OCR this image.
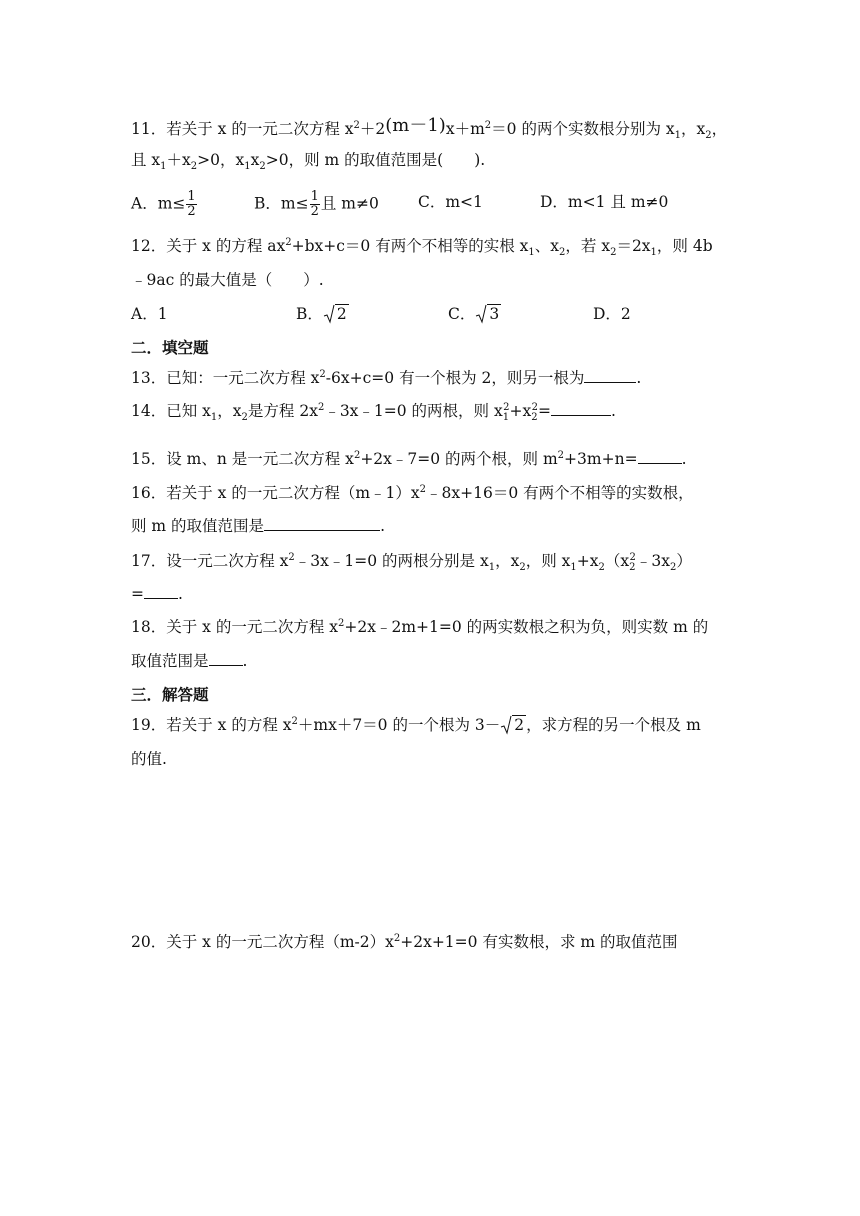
11．若关于 x 的一元二次方程 $x^2+2(m-1)x+m^2=0$ 的两个实数根分别为 $x_1$，$x_2$，
且 $x_1+x_2>0$，$x_1x_2>0$，则 m 的取值范围是(　　).
A．$m\le \frac{1}{2}$	B．$m\le \frac{1}{2}$ 且 m≠0	C．m<1	D．m<1 且 m≠0
12．关于 x 的方程 $ax^2+bx+c=0$ 有两个不相等的实根 $x_1$、$x_2$，若 $x_2=2x_1$，则 4b
﹣9ac 的最大值是（　　）.
A．1	B． 2	C． 3	D．2
二．填空题
13．已知：一元二次方程 $x^2-6x+c=0$ 有一个根为 2，则另一根为	.
14．已知 $x_1$，$x_2$是方程 $2x^2﹣3x﹣1=0$ 的两根，则 $x_1^2+x_2^2=$	.
15．设 m、n 是一元二次方程 $x^2+2x﹣7=0$ 的两个根，则 $m^2+3m+n=$	.
16．若关于 x 的一元二次方程$(m﹣1)x^2﹣8x+16=0$ 有两个不相等的实数根，
则 m 的取值范围是	.
17．设一元二次方程 $x^2﹣3x﹣1=0$ 的两根分别是 $x_1$，$x_2$，则 $x_1+x_2(x_2^2﹣3x_2)$
= .
18．关于 x 的一元二次方程 $x^2+2x﹣2m+1=0$ 的两实数根之积为负，则实数 m 的
取值范围是 .
三．解答题
19．若关于 x 的方程 $x^2+mx+7=0$ 的一个根为 3－ 2 ，求方程的另一个根及 m
的值.
20．关于 x 的一元二次方程$(m-2)x^2+2x+1=0$ 有实数根，求 m 的取值范围
